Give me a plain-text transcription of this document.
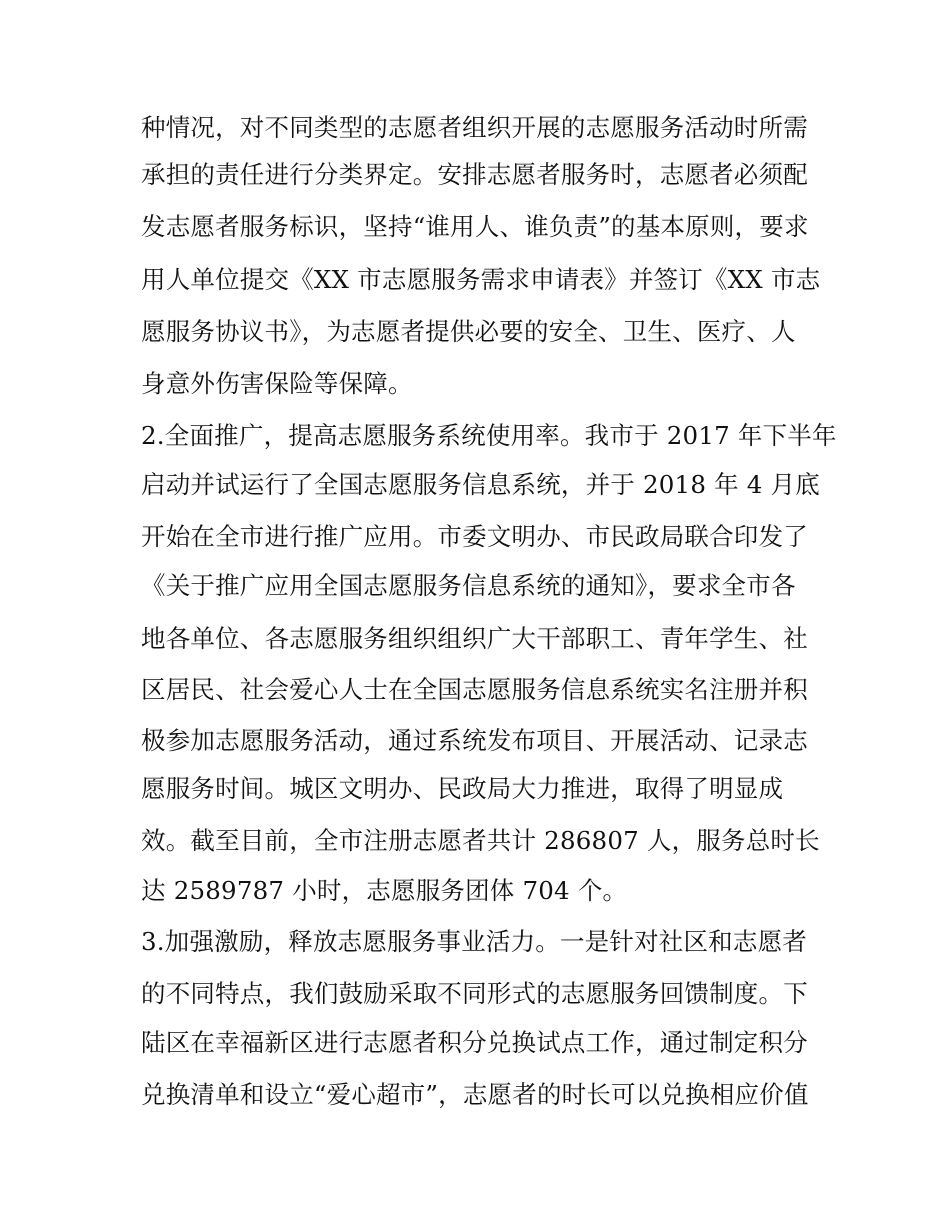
种情况，对不同类型的志愿者组织开展的志愿服务活动时所需

承担的责任进行分类界定。安排志愿者服务时，志愿者必须配

发志愿者服务标识，坚持“谁用人、谁负责”的基本原则，要求

用人单位提交《XX 市志愿服务需求申请表》并签订《XX 市志

愿服务协议书》，为志愿者提供必要的安全、卫生、医疗、人

身意外伤害保险等保障。

2.全面推广，提高志愿服务系统使用率。我市于 2017 年下半年

启动并试运行了全国志愿服务信息系统，并于 2018 年 4 月底

开始在全市进行推广应用。市委文明办、市民政局联合印发了

《关于推广应用全国志愿服务信息系统的通知》，要求全市各

地各单位、各志愿服务组织组织广大干部职工、青年学生、社

区居民、社会爱心人士在全国志愿服务信息系统实名注册并积

极参加志愿服务活动，通过系统发布项目、开展活动、记录志

愿服务时间。城区文明办、民政局大力推进，取得了明显成

效。截至目前，全市注册志愿者共计 286807 人，服务总时长

达 2589787 小时，志愿服务团体 704 个。

3.加强激励，释放志愿服务事业活力。一是针对社区和志愿者

的不同特点，我们鼓励采取不同形式的志愿服务回馈制度。下

陆区在幸福新区进行志愿者积分兑换试点工作，通过制定积分

兑换清单和设立“爱心超市”，志愿者的时长可以兑换相应价值
